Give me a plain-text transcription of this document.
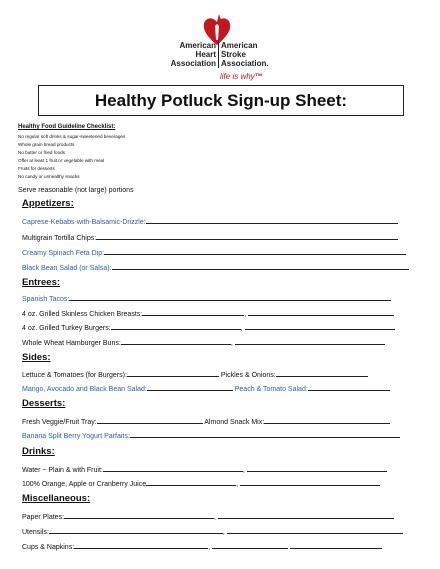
American
Heart
Association
American
Stroke
Association.
life is why™
Healthy Potluck Sign-up Sheet:
Healthy Food Guideline Checklist:
No regular soft drinks & sugar-sweetened beverages
Whole grain bread products
No butter or fried foods
Offer at least 1 fruit or vegetable with meal
Fruits for desserts
No candy or unhealthy snacks
Serve reasonable (not large) portions
Appetizers:
Caprese-Kebabs-with-Balsamic-Drizzle:
Multigrain Tortilla Chips:
Creamy Spinach Feta Dip:
Black Bean Salad (or Salsa):
Entrees:
Spanish Tacos:
4 oz. Grilled Skinless Chicken Breasts:	,
4 oz. Grilled Turkey Burgers:	,
Whole Wheat Hamburger Buns:	,
Sides:
Lettuce & Tomatoes (for Burgers):	Pickles & Onions:
Mango, Avocado and Black Bean Salad:	Peach & Tomato Salad:
Desserts:
Fresh Veggie/Fruit Tray:	Almond Snack Mix:
Banana Split Berry Yogurt Parfaits:
Drinks:
Water ~ Plain & with Fruit:	,
100% Orange, Apple or Cranberry Juice	,
Miscellaneous:
Paper Plates:	,
Utensils:	,
Cups & Napkins:	,
